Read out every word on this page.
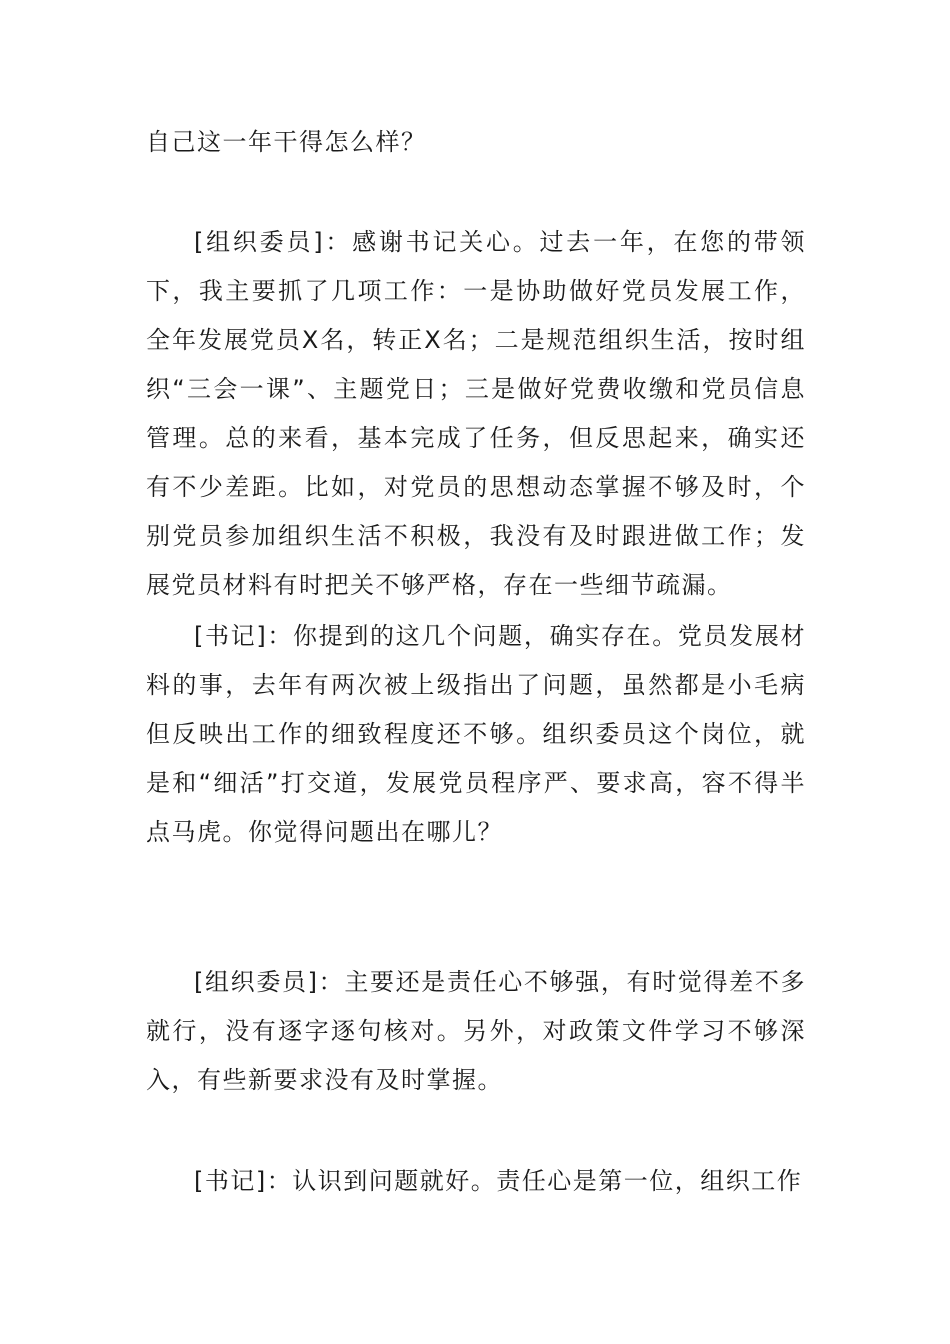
自己这一年干得怎么样？

[组织委员]：感谢书记关心。过去一年，在您的带领下，我主要抓了几项工作：一是协助做好党员发展工作，全年发展党员X名，转正X名；二是规范组织生活，按时组织“三会一课”、主题党日；三是做好党费收缴和党员信息管理。总的来看，基本完成了任务，但反思起来，确实还有不少差距。比如，对党员的思想动态掌握不够及时，个别党员参加组织生活不积极，我没有及时跟进做工作；发展党员材料有时把关不够严格，存在一些细节疏漏。

[书记]：你提到的这几个问题，确实存在。党员发展材料的事，去年有两次被上级指出了问题，虽然都是小毛病但反映出工作的细致程度还不够。组织委员这个岗位，就是和“细活”打交道，发展党员程序严、要求高，容不得半点马虎。你觉得问题出在哪儿？

[组织委员]：主要还是责任心不够强，有时觉得差不多就行，没有逐字逐句核对。另外，对政策文件学习不够深入，有些新要求没有及时掌握。

[书记]：认识到问题就好。责任心是第一位，组织工作
